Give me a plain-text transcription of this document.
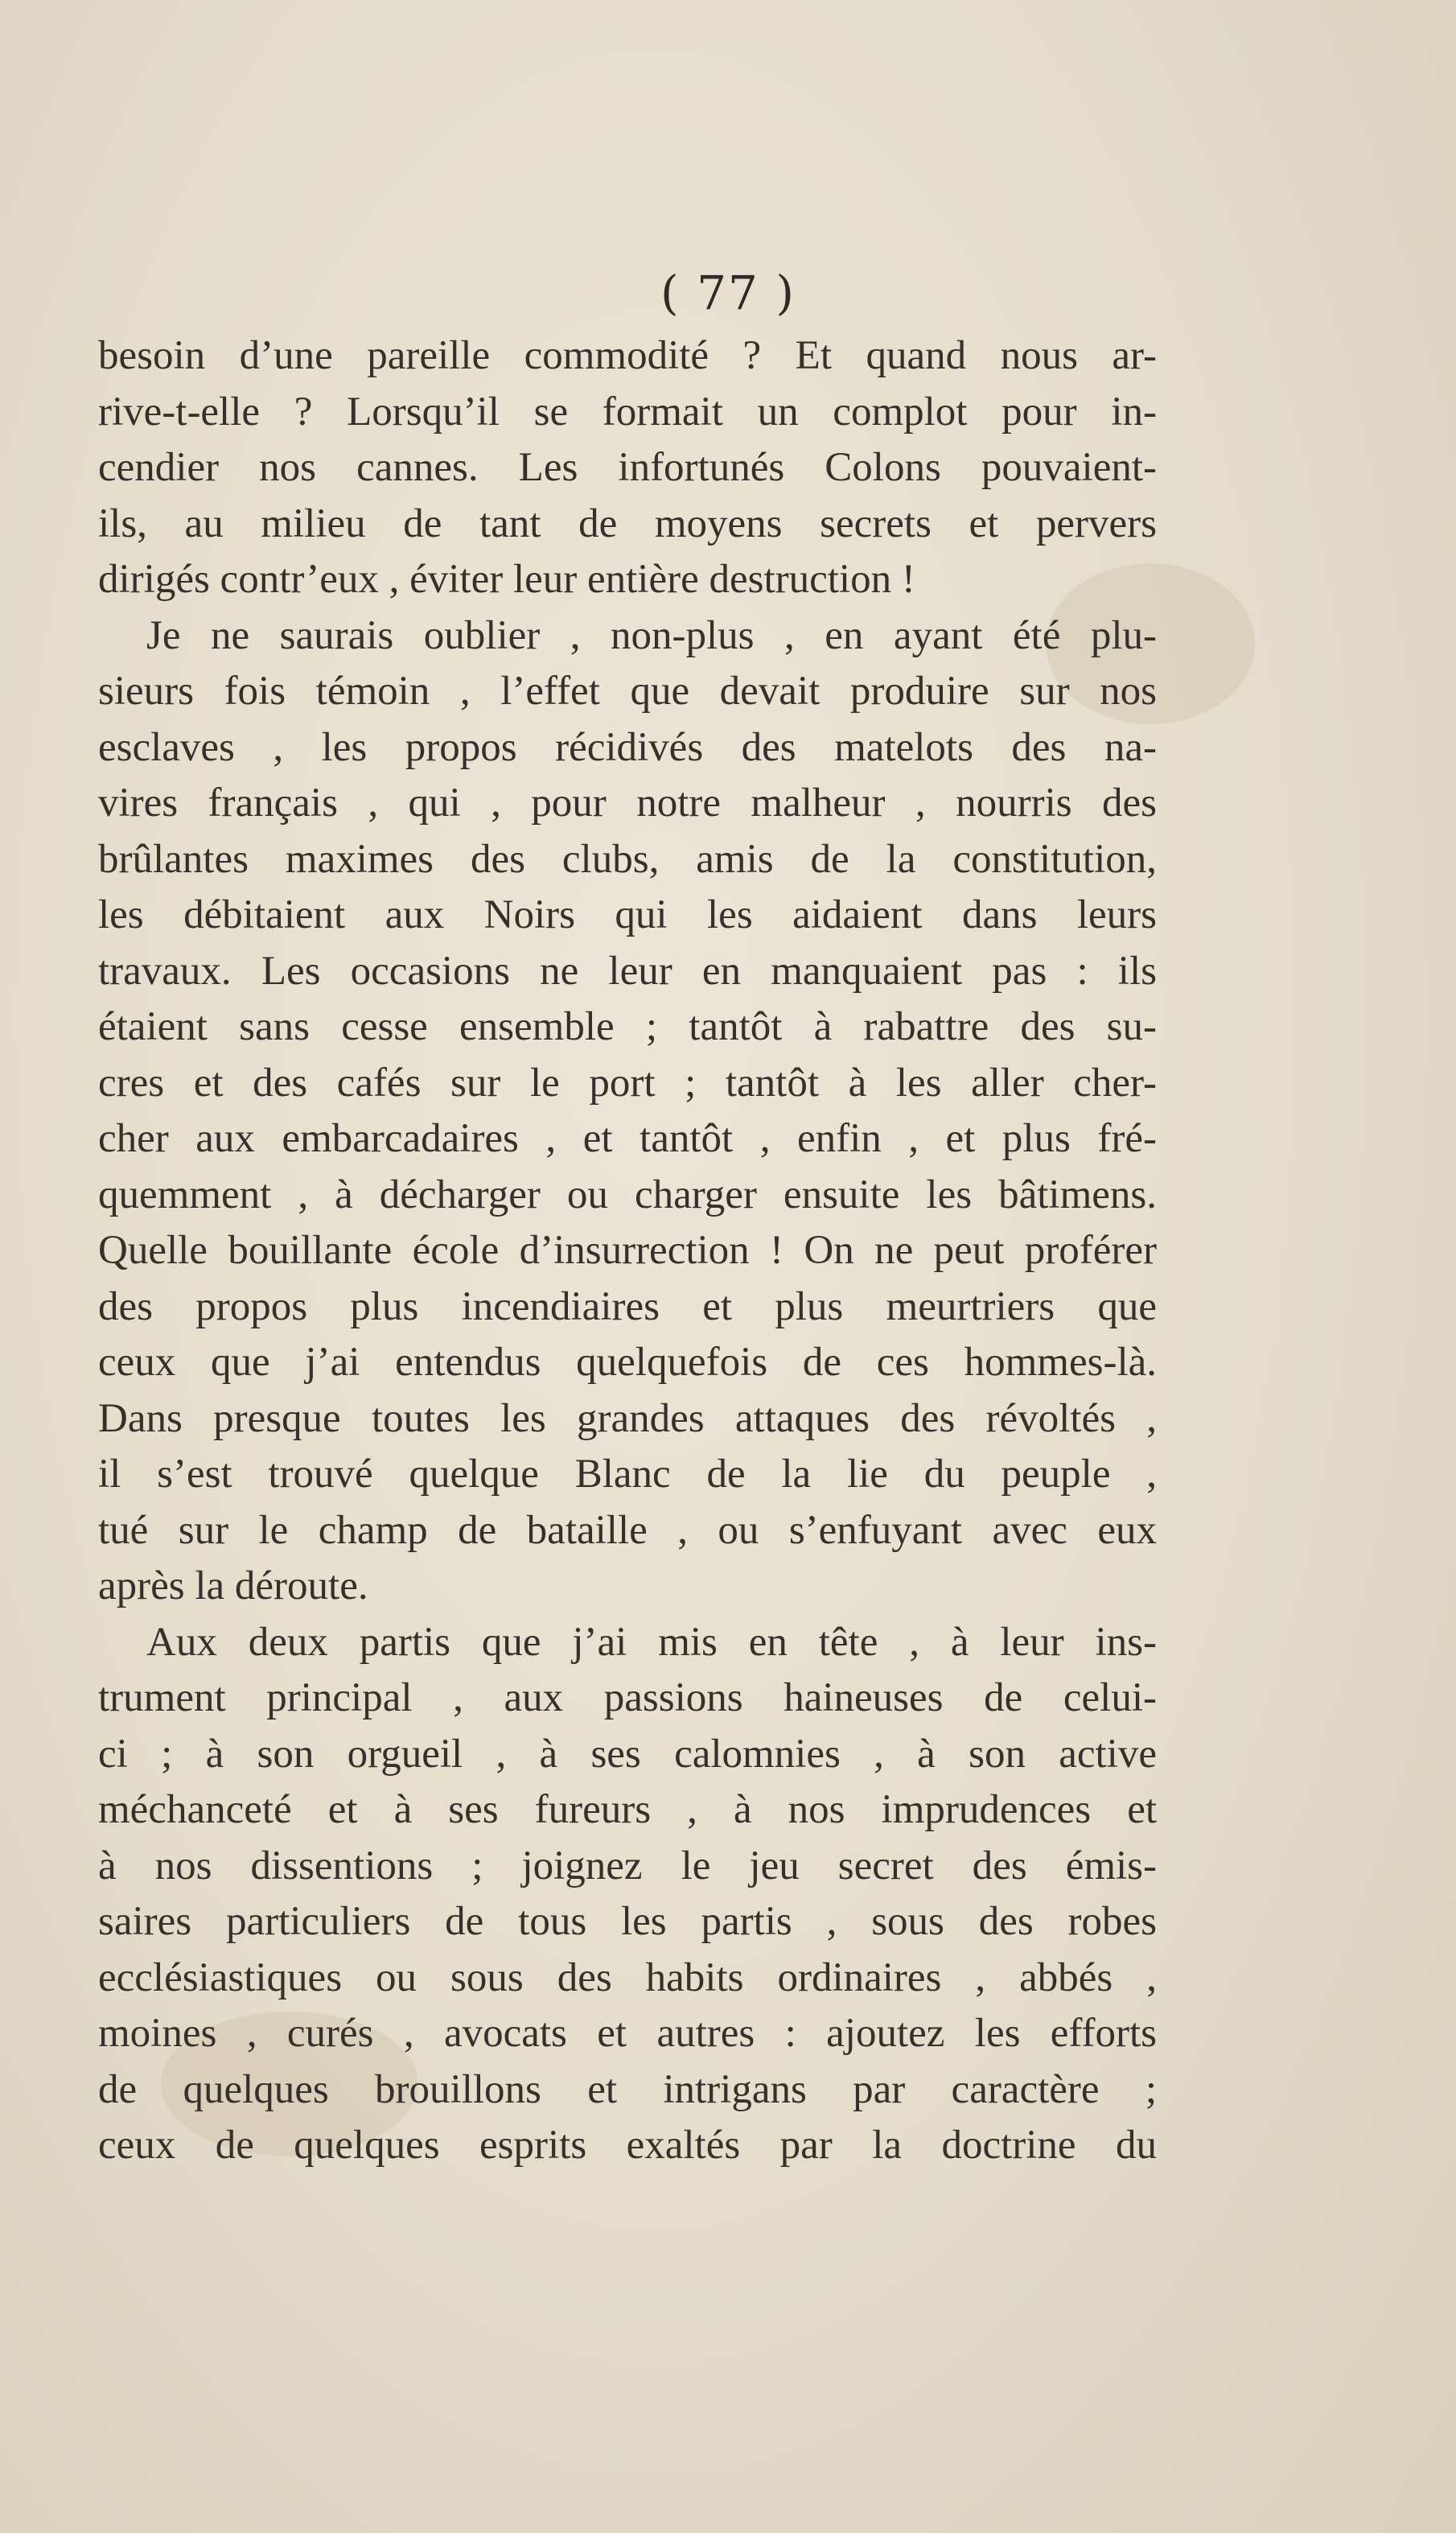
( 77 )
besoin d’une pareille commodité ? Et quand nous ar-
rive-t-elle ? Lorsqu’il se formait un complot pour in-
cendier nos cannes. Les infortunés Colons pouvaient-
ils, au milieu de tant de moyens secrets et pervers
dirigés contr’eux , éviter leur entière destruction !
Je ne saurais oublier , non-plus , en ayant été plu-
sieurs fois témoin , l’effet que devait produire sur nos
esclaves , les propos récidivés des matelots des na-
vires français , qui , pour notre malheur , nourris des
brûlantes maximes des clubs, amis de la constitution,
les débitaient aux Noirs qui les aidaient dans leurs
travaux. Les occasions ne leur en manquaient pas : ils
étaient sans cesse ensemble ; tantôt à rabattre des su-
cres et des cafés sur le port ; tantôt à les aller cher-
cher aux embarcadaires , et tantôt , enfin , et plus fré-
quemment , à décharger ou charger ensuite les bâtimens.
Quelle bouillante école d’insurrection ! On ne peut proférer
des propos plus incendiaires et plus meurtriers que
ceux que j’ai entendus quelquefois de ces hommes-là.
Dans presque toutes les grandes attaques des révoltés ,
il s’est trouvé quelque Blanc de la lie du peuple ,
tué sur le champ de bataille , ou s’enfuyant avec eux
après la déroute.
Aux deux partis que j’ai mis en tête , à leur ins-
trument principal , aux passions haineuses de celui-
ci ; à son orgueil , à ses calomnies , à son active
méchanceté et à ses fureurs , à nos imprudences et
à nos dissentions ; joignez le jeu secret des émis-
saires particuliers de tous les partis , sous des robes
ecclésiastiques ou sous des habits ordinaires , abbés ,
moines , curés , avocats et autres : ajoutez les efforts
de quelques brouillons et intrigans par caractère ;
ceux de quelques esprits exaltés par la doctrine du
